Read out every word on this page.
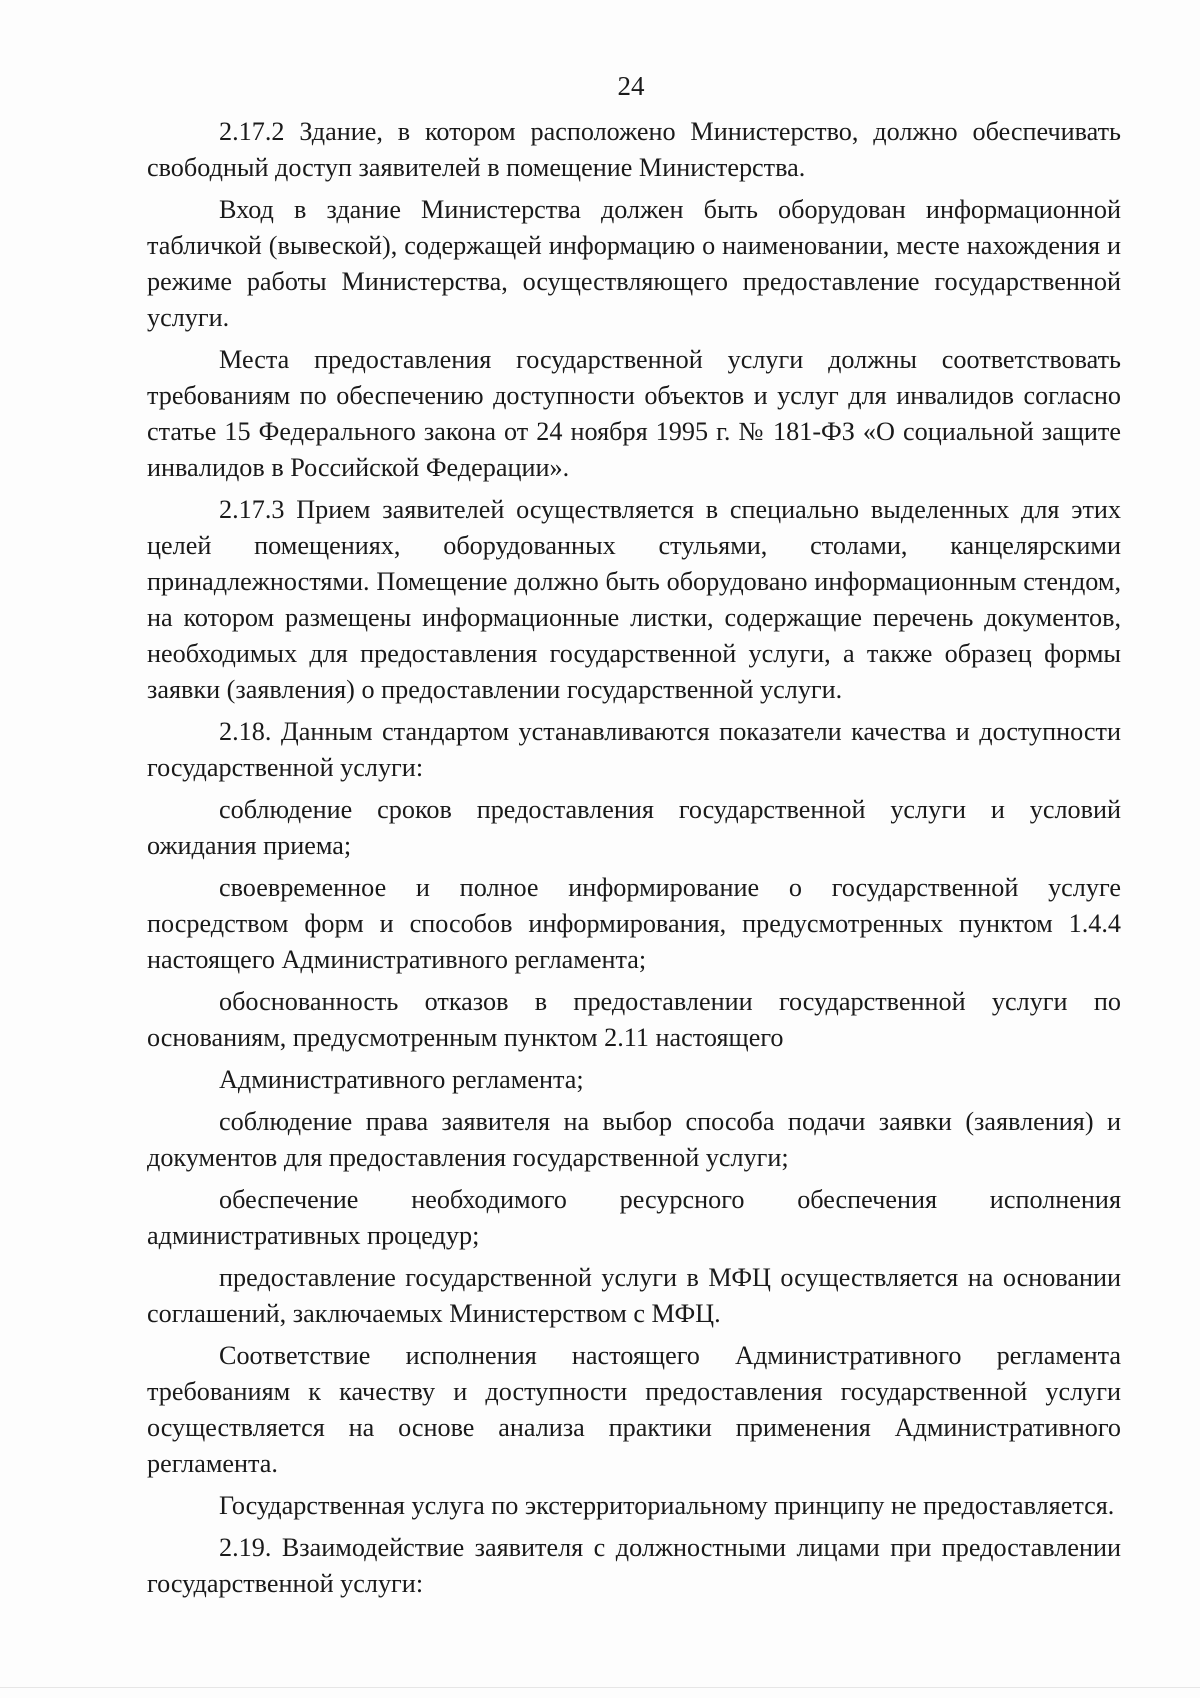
24

2.17.2 Здание, в котором расположено Министерство, должно обеспечивать свободный доступ заявителей в помещение Министерства.

Вход в здание Министерства должен быть оборудован информационной табличкой (вывеской), содержащей информацию о наименовании, месте нахождения и режиме работы Министерства, осуществляющего предоставление государственной услуги.

Места предоставления государственной услуги должны соответствовать требованиям по обеспечению доступности объектов и услуг для инвалидов согласно статье 15 Федерального закона от 24 ноября 1995 г. № 181-ФЗ «О социальной защите инвалидов в Российской Федерации».

2.17.3 Прием заявителей осуществляется в специально выделенных для этих целей помещениях, оборудованных стульями, столами, канцелярскими принадлежностями. Помещение должно быть оборудовано информационным стендом, на котором размещены информационные листки, содержащие перечень документов, необходимых для предоставления государственной услуги, а также образец формы заявки (заявления) о предоставлении государственной услуги.

2.18. Данным стандартом устанавливаются показатели качества и доступности государственной услуги:

соблюдение сроков предоставления государственной услуги и условий ожидания приема;

своевременное и полное информирование о государственной услуге посредством форм и способов информирования, предусмотренных пунктом 1.4.4 настоящего Административного регламента;

обоснованность отказов в предоставлении государственной услуги по основаниям, предусмотренным пунктом 2.11 настоящего

Административного регламента;

соблюдение права заявителя на выбор способа подачи заявки (заявления) и документов для предоставления государственной услуги;

обеспечение необходимого ресурсного обеспечения исполнения административных процедур;

предоставление государственной услуги в МФЦ осуществляется на основании соглашений, заключаемых Министерством с МФЦ.

Соответствие исполнения настоящего Административного регламента требованиям к качеству и доступности предоставления государственной услуги осуществляется на основе анализа практики применения Административного регламента.

Государственная услуга по экстерриториальному принципу не предоставляется.

2.19. Взаимодействие заявителя с должностными лицами при предоставлении государственной услуги:
